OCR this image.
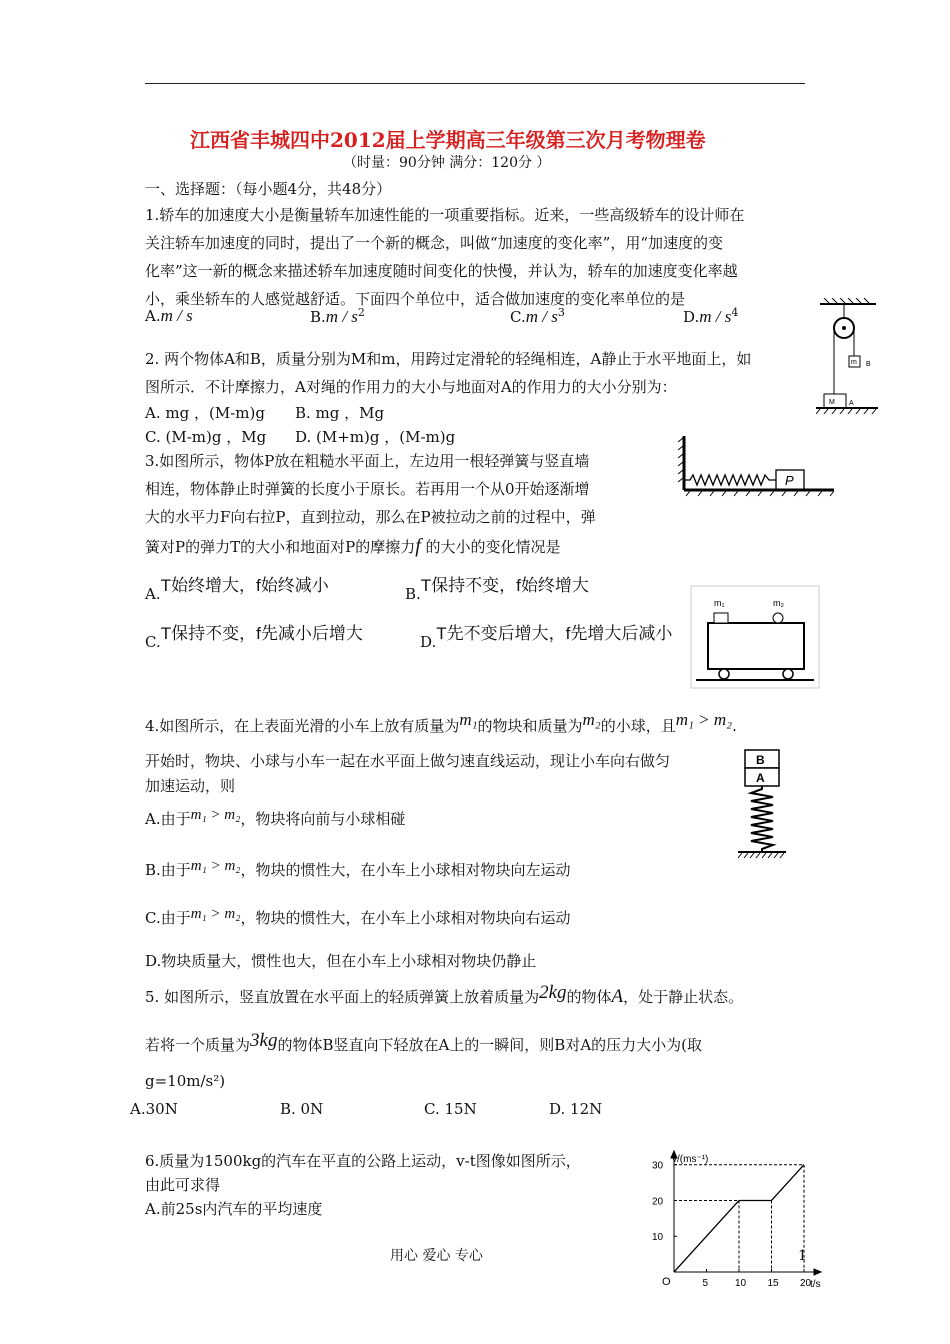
江西省丰城四中2012届上学期高三年级第三次月考物理卷
（时量：90分钟 满分：120分 ）
一、选择题：（每小题4分，共48分）
1.轿车的加速度大小是衡量轿车加速性能的一项重要指标。近来，一些高级轿车的设计师在
关注轿车加速度的同时，提出了一个新的概念，叫做“加速度的变化率”，用“加速度的变
化率”这一新的概念来描述轿车加速度随时间变化的快慢，并认为，轿车的加速度变化率越
小，乘坐轿车的人感觉越舒适。下面四个单位中，适合做加速度的变化率单位的是
A.m / s	$B.m / s^2$	$C.m / s^3$	$D.m / s^4$
m B
M A
2. 两个物体A和B，质量分别为M和m，用跨过定滑轮的轻绳相连，A静止于水平地面上，如
图所示．不计摩擦力，A对绳的作用力的大小与地面对A的作用力的大小分别为：
A. mg ，(M-m)g B. mg ，Mg
C. (M-m)g ，Mg D. (M+m)g ，(M-m)g
P
3.如图所示，物体P放在粗糙水平面上，左边用一根轻弹簧与竖直墙
相连，物体静止时弹簧的长度小于原长。若再用一个从0开始逐渐增
大的水平力F向右拉P，直到拉动，那么在P被拉动之前的过程中，弹
簧对P的弹力T的大小和地面对P的摩擦力f 的大小的变化情况是
A.T始终增大，f始终减小	B.T保持不变，f始终增大
C.T保持不变，f先减小后增大	D.T先不变后增大，f先增大后减小
m₁	m₂
4.如图所示，在上表面光滑的小车上放有质量为m₁的物块和质量为m₂的小球，且m₁ > m₂.
开始时，物块、小球与小车一起在水平面上做匀速直线运动，现让小车向右做匀
加速运动，则
A.由于m₁ > m₂，物块将向前与小球相碰
B.由于m₁ > m₂，物块的惯性大，在小车上小球相对物块向左运动
C.由于m₁ > m₂，物块的惯性大，在小车上小球相对物块向右运动
D.物块质量大，惯性也大，但在小车上小球相对物块仍静止
B
A
5. 如图所示，竖直放置在水平面上的轻质弹簧上放着质量为2kg的物体A，处于静止状态。
若将一个质量为3kg的物体B竖直向下轻放在A上的一瞬间，则B对A的压力大小为(取
g=10m/s²)
A.30N	B. 0N	C. 15N	D. 12N
6.质量为1500kg的汽车在平直的公路上运动，v-t图像如图所示，
由此可求得
A.前25s内汽车的平均速度
v/(ms⁻¹)
t/s
O	5	10 15 20
10
20
30
用心 爱心 专心	1
